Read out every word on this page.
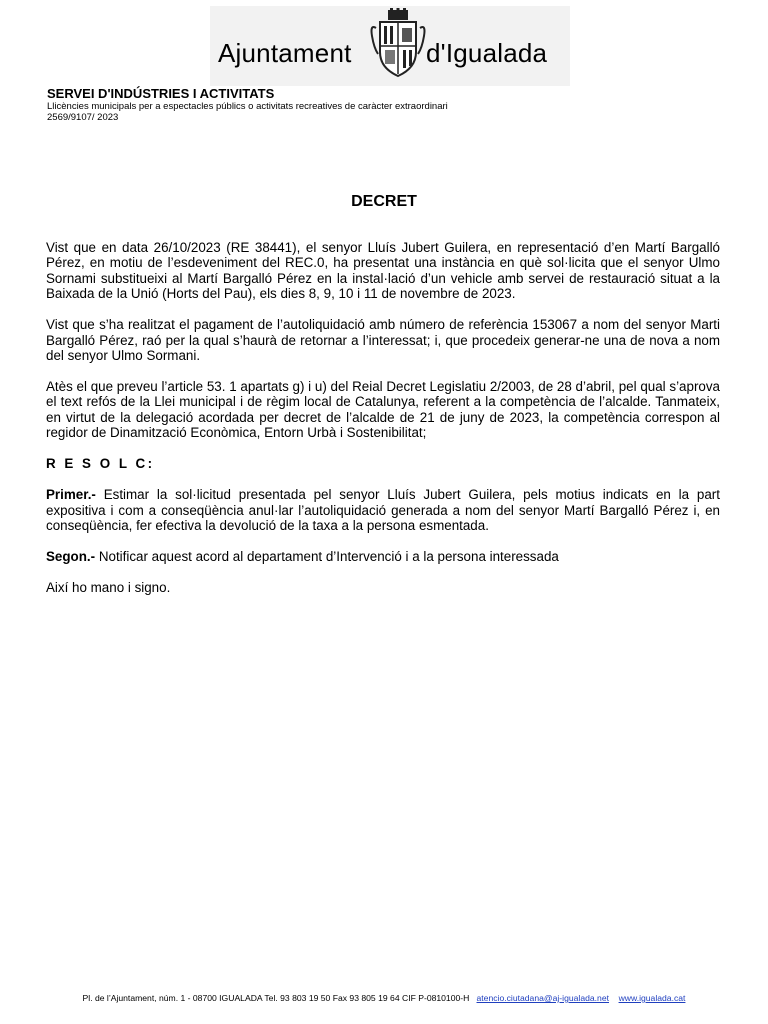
Ajuntament	d'Igualada
SERVEI D'INDÚSTRIES I ACTIVITATS
Llicències municipals per a espectacles públics o activitats recreatives de caràcter extraordinari
2569/9107/ 2023
DECRET

Vist que en data 26/10/2023 (RE 38441), el senyor Lluís Jubert Guilera, en representació d’en Martí Bargalló Pérez, en motiu de l’esdeveniment del REC.0, ha presentat una instància en què sol·licita que el senyor Ulmo Sornami substitueixi al Martí Bargalló Pérez en la instal·lació d’un vehicle amb servei de restauració situat a la Baixada de la Unió (Horts del Pau), els dies 8, 9, 10 i 11 de novembre de 2023.

Vist que s’ha realitzat el pagament de l’autoliquidació amb número de referència 153067 a nom del senyor Marti Bargalló Pérez, raó per la qual s’haurà de retornar a l’interessat; i, que procedeix generar-ne una de nova a nom del senyor Ulmo Sormani.

Atès el que preveu l’article 53. 1 apartats g) i u) del Reial Decret Legislatiu 2/2003, de 28 d’abril, pel qual s’aprova el text refós de la Llei municipal i de règim local de Catalunya, referent a la competència de l’alcalde. Tanmateix, en virtut de la delegació acordada per decret de l’alcalde de 21 de juny de 2023, la competència correspon al regidor de Dinamització Econòmica, Entorn Urbà i Sostenibilitat;

R E S O L C:

Primer.- Estimar la sol·licitud presentada pel senyor Lluís Jubert Guilera, pels motius indicats en la part expositiva i com a conseqüència anul·lar l’autoliquidació generada a nom del senyor Martí Bargalló Pérez i, en conseqüència, fer efectiva la devolució de la taxa a la persona esmentada.

Segon.- Notificar aquest acord al departament d’Intervenció i a la persona interessada

Així ho mano i signo.

Pl. de l’Ajuntament, núm. 1 - 08700 IGUALADA Tel. 93 803 19 50 Fax 93 805 19 64 CIF P-0810100-H atencio.ciutadana@aj-igualada.net www.igualada.cat
